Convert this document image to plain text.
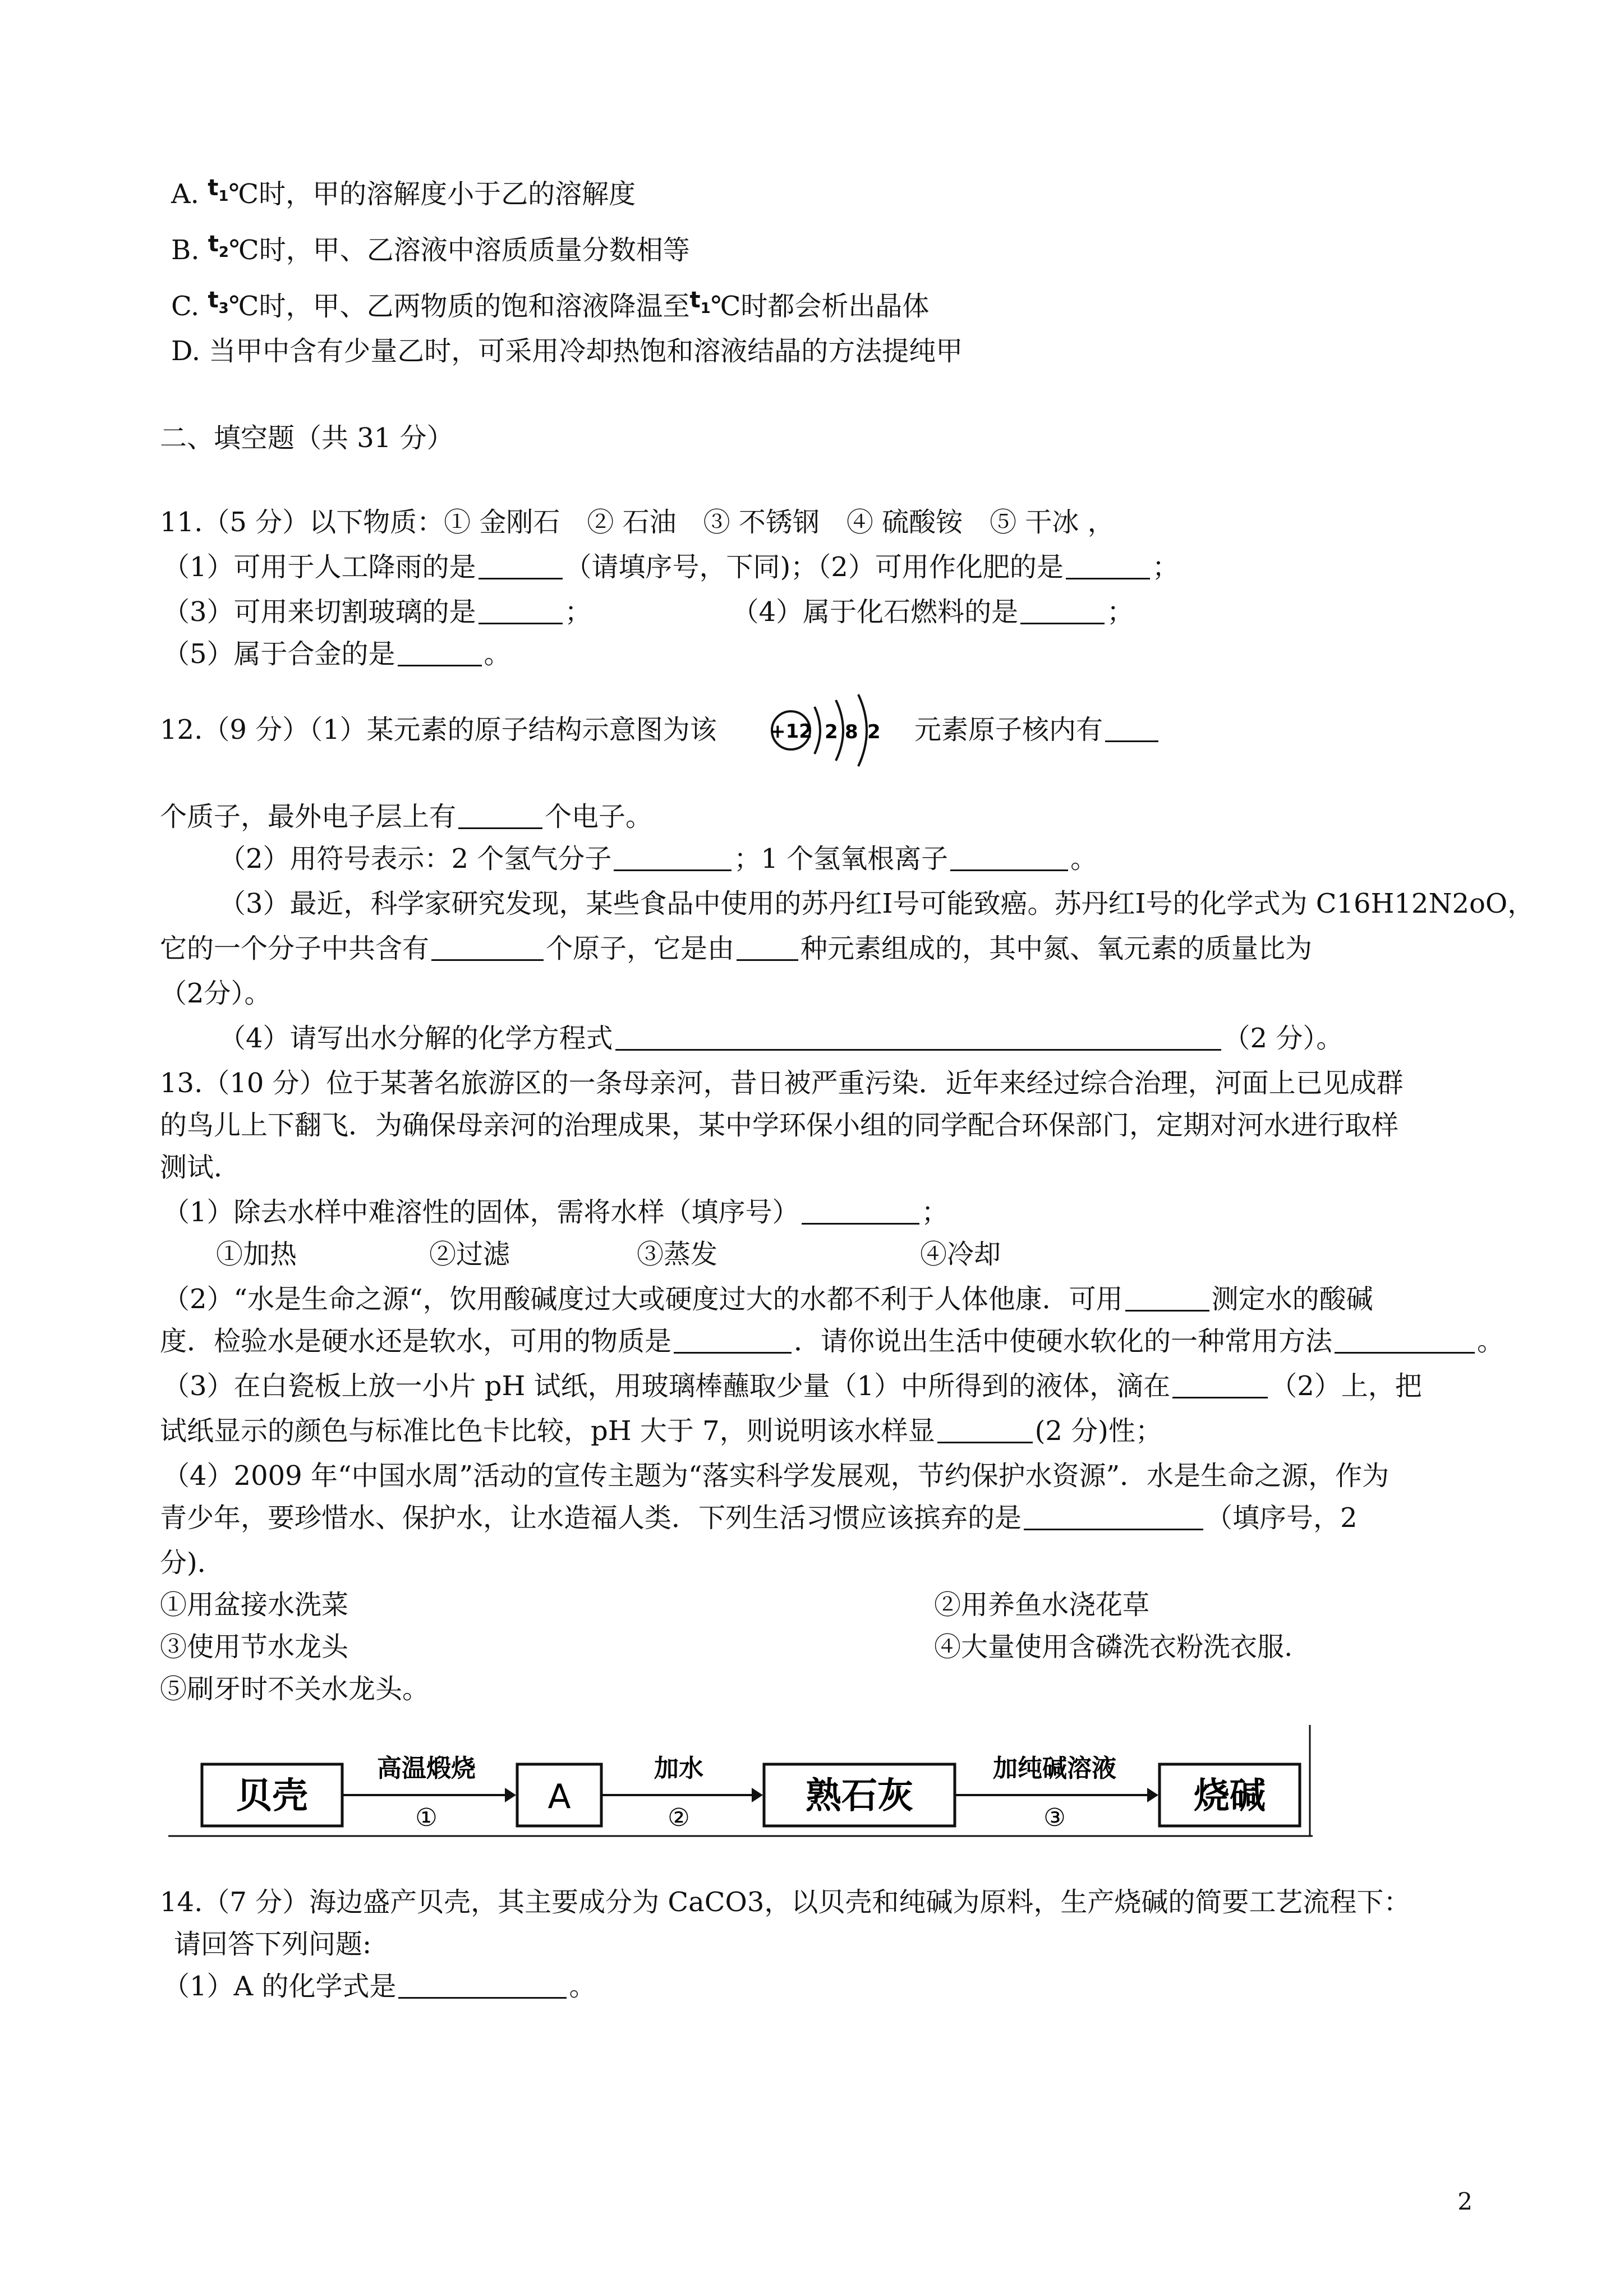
A. $t_1℃$时，甲的溶解度小于乙的溶解度
B. $t_2℃$时，甲、乙溶液中溶质质量分数相等
C. $t_3℃$时，甲、乙两物质的饱和溶液降温至$t_1℃$时都会析出晶体
D. 当甲中含有少量乙时，可采用冷却热饱和溶液结晶的方法提纯甲
二、填空题（共 31 分）
11.（5 分）以下物质：① 金刚石　② 石油　③ 不锈钢　④ 硫酸铵　⑤ 干冰 ，
（1）可用于人工降雨的是	（请填序号，下同)；（2）可用作化肥的是	；
（3）可用来切割玻璃的是	；	（4）属于化石燃料的是	；
（5）属于合金的是	。
12.（9 分）（1）某元素的原子结构示意图为该	+12 2 8 2 元素原子核内有
个质子，最外电子层上有	个电子。
（2）用符号表示：2 个氢气分子	；1 个氢氧根离子	。
（3）最近，科学家研究发现，某些食品中使用的苏丹红Ⅰ号可能致癌。苏丹红Ⅰ号的化学式为 C16H12N2oO，
它的一个分子中共含有	个原子，它是由 种元素组成的，其中氮、氧元素的质量比为
（2分）。
（4）请写出水分解的化学方程式	（2 分）。
13.（10 分）位于某著名旅游区的一条母亲河，昔日被严重污染．近年来经过综合治理，河面上已见成群
的鸟儿上下翻飞．为确保母亲河的治理成果，某中学环保小组的同学配合环保部门，定期对河水进行取样
测试．
（1）除去水样中难溶性的固体，需将水样（填序号）	；
①加热	②过滤	③蒸发	④冷却
（2）“水是生命之源“，饮用酸碱度过大或硬度过大的水都不利于人体他康．可用	测定水的酸碱
度．检验水是硬水还是软水，可用的物质是	．请你说出生活中使硬水软化的一种常用方法	。
（3）在白瓷板上放一小片 pH 试纸，用玻璃棒蘸取少量（1）中所得到的液体，滴在	（2）上，把
试纸显示的颜色与标准比色卡比较，pH 大于 7，则说明该水样显	(2 分)性；
（4）2009 年“中国水周”活动的宣传主题为“落实科学发展观，节约保护水资源”．水是生命之源，作为
青少年，要珍惜水、保护水，让水造福人类．下列生活习惯应该摈弃的是	（填序号，2
分)．
①用盆接水洗菜	②用养鱼水浇花草
③使用节水龙头	④大量使用含磷洗衣粉洗衣服.
⑤刷牙时不关水龙头。
贝壳
高温煅烧
①
A
加水
②
熟石灰
加纯碱溶液
③
烧碱
14.（7 分）海边盛产贝壳，其主要成分为 CaCO3，以贝壳和纯碱为原料，生产烧碱的简要工艺流程下：
请回答下列问题:
（1）A 的化学式是	。
2
